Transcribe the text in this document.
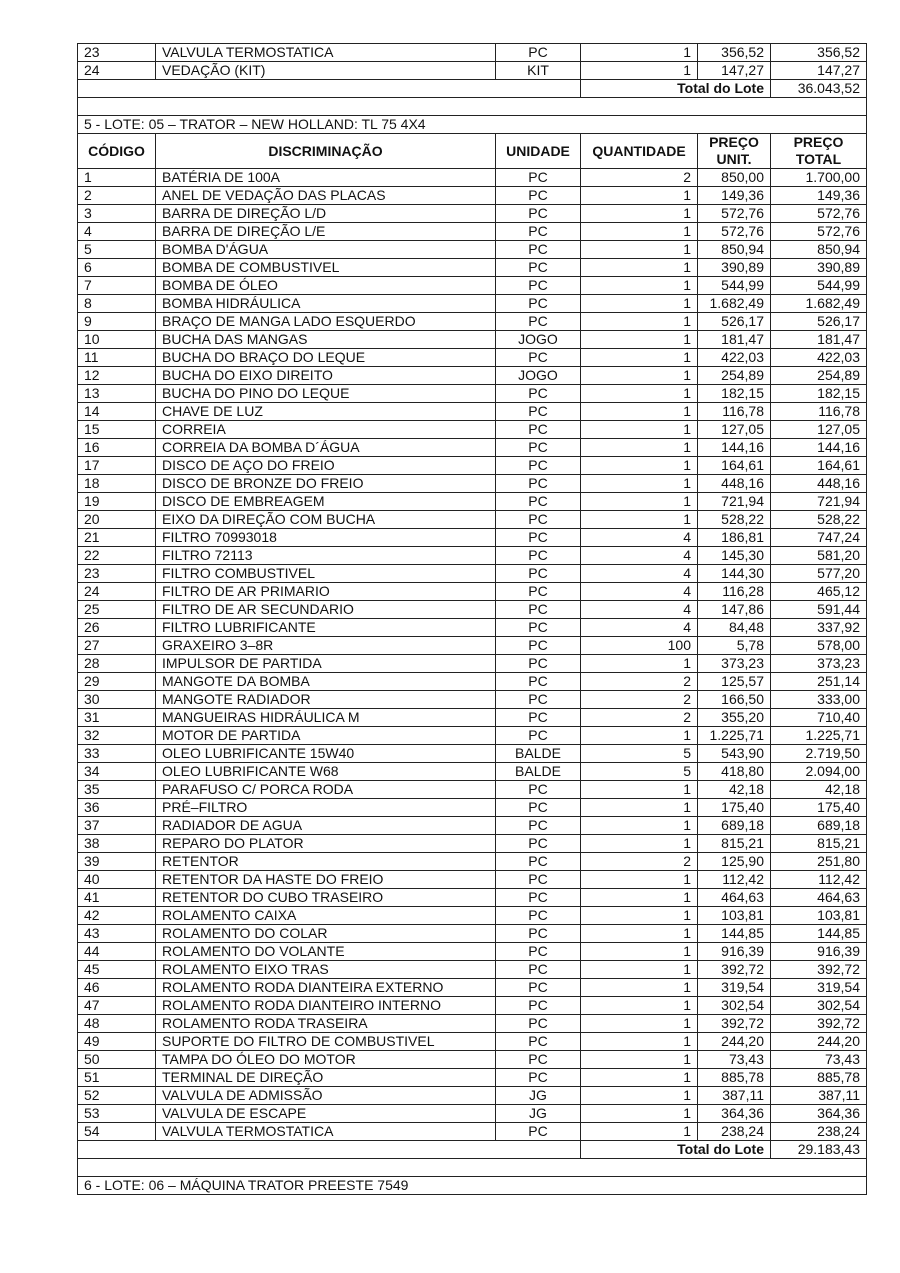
23	VALVULA TERMOSTATICA	PC	1	356,52	356,52
24	VEDAÇÃO (KIT)	KIT	1	147,27	147,27
			Total do Lote		36.043,52

5 - LOTE: 05 – TRATOR – NEW HOLLAND: TL 75 4X4					
CÓDIGO	DISCRIMINAÇÃO	UNIDADE	QUANTIDADE	PREÇO UNIT.	PREÇO TOTAL
1	BATÉRIA DE 100A	PC	2	850,00	1.700,00
2	ANEL DE VEDAÇÃO DAS PLACAS	PC	1	149,36	149,36
3	BARRA DE DIREÇÃO L/D	PC	1	572,76	572,76
4	BARRA DE DIREÇÃO L/E	PC	1	572,76	572,76
5	BOMBA D'ÁGUA	PC	1	850,94	850,94
6	BOMBA DE COMBUSTIVEL	PC	1	390,89	390,89
7	BOMBA DE ÓLEO	PC	1	544,99	544,99
8	BOMBA HIDRÁULICA	PC	1	1.682,49	1.682,49
9	BRAÇO DE MANGA LADO ESQUERDO	PC	1	526,17	526,17
10	BUCHA DAS MANGAS	JOGO	1	181,47	181,47
11	BUCHA DO BRAÇO DO LEQUE	PC	1	422,03	422,03
12	BUCHA DO EIXO DIREITO	JOGO	1	254,89	254,89
13	BUCHA DO PINO DO LEQUE	PC	1	182,15	182,15
14	CHAVE DE LUZ	PC	1	116,78	116,78
15	CORREIA	PC	1	127,05	127,05
16	CORREIA DA BOMBA D´ÁGUA	PC	1	144,16	144,16
17	DISCO DE AÇO DO FREIO	PC	1	164,61	164,61
18	DISCO DE BRONZE DO FREIO	PC	1	448,16	448,16
19	DISCO DE EMBREAGEM	PC	1	721,94	721,94
20	EIXO DA DIREÇÃO COM BUCHA	PC	1	528,22	528,22
21	FILTRO 70993018	PC	4	186,81	747,24
22	FILTRO 72113	PC	4	145,30	581,20
23	FILTRO COMBUSTIVEL	PC	4	144,30	577,20
24	FILTRO DE AR PRIMARIO	PC	4	116,28	465,12
25	FILTRO DE AR SECUNDARIO	PC	4	147,86	591,44
26	FILTRO LUBRIFICANTE	PC	4	84,48	337,92
27	GRAXEIRO 3–8R	PC	100	5,78	578,00
28	IMPULSOR DE PARTIDA	PC	1	373,23	373,23
29	MANGOTE DA BOMBA	PC	2	125,57	251,14
30	MANGOTE RADIADOR	PC	2	166,50	333,00
31	MANGUEIRAS HIDRÁULICA M	PC	2	355,20	710,40
32	MOTOR DE PARTIDA	PC	1	1.225,71	1.225,71
33	OLEO LUBRIFICANTE 15W40	BALDE	5	543,90	2.719,50
34	OLEO LUBRIFICANTE W68	BALDE	5	418,80	2.094,00
35	PARAFUSO C/ PORCA RODA	PC	1	42,18	42,18
36	PRÉ–FILTRO	PC	1	175,40	175,40
37	RADIADOR DE AGUA	PC	1	689,18	689,18
38	REPARO DO PLATOR	PC	1	815,21	815,21
39	RETENTOR	PC	2	125,90	251,80
40	RETENTOR DA HASTE DO FREIO	PC	1	112,42	112,42
41	RETENTOR DO CUBO TRASEIRO	PC	1	464,63	464,63
42	ROLAMENTO CAIXA	PC	1	103,81	103,81
43	ROLAMENTO DO COLAR	PC	1	144,85	144,85
44	ROLAMENTO DO VOLANTE	PC	1	916,39	916,39
45	ROLAMENTO EIXO TRAS	PC	1	392,72	392,72
46	ROLAMENTO RODA DIANTEIRA EXTERNO	PC	1	319,54	319,54
47	ROLAMENTO RODA DIANTEIRO INTERNO	PC	1	302,54	302,54
48	ROLAMENTO RODA TRASEIRA	PC	1	392,72	392,72
49	SUPORTE DO FILTRO DE COMBUSTIVEL	PC	1	244,20	244,20
50	TAMPA DO ÓLEO DO MOTOR	PC	1	73,43	73,43
51	TERMINAL DE DIREÇÃO	PC	1	885,78	885,78
52	VALVULA DE ADMISSÃO	JG	1	387,11	387,11
53	VALVULA DE ESCAPE	JG	1	364,36	364,36
54	VALVULA TERMOSTATICA	PC	1	238,24	238,24
			Total do Lote		29.183,43

6 - LOTE: 06 – MÁQUINA TRATOR PREESTE 7549					
